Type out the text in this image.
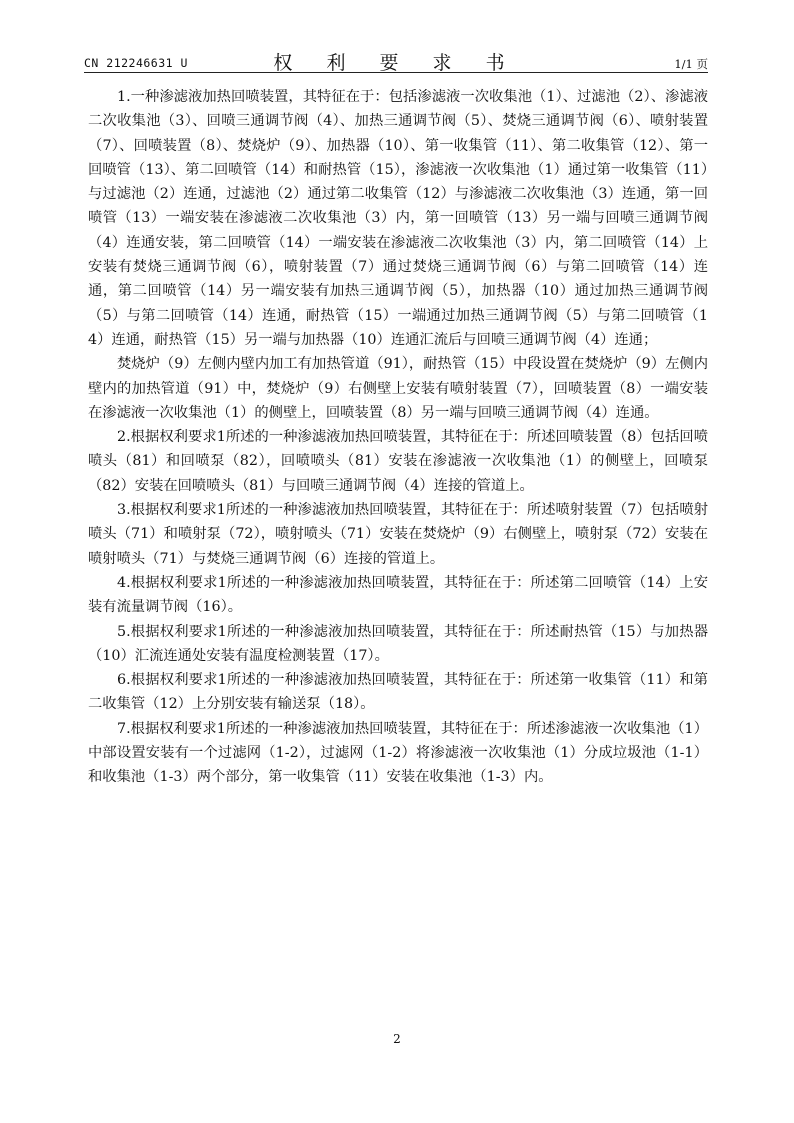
CN 212246631 U	权 利 要 求 书	1/1 页

1.一种渗滤液加热回喷装置，其特征在于：包括渗滤液一次收集池（1）、过滤池（2）、渗滤液二次收集池（3）、回喷三通调节阀（4）、加热三通调节阀（5）、焚烧三通调节阀（6）、喷射装置（7）、回喷装置（8）、焚烧炉（9）、加热器（10）、第一收集管（11）、第二收集管（12）、第一回喷管（13）、第二回喷管（14）和耐热管（15），渗滤液一次收集池（1）通过第一收集管（11）与过滤池（2）连通，过滤池（2）通过第二收集管（12）与渗滤液二次收集池（3）连通，第一回喷管（13）一端安装在渗滤液二次收集池（3）内，第一回喷管（13）另一端与回喷三通调节阀（4）连通安装，第二回喷管（14）一端安装在渗滤液二次收集池（3）内，第二回喷管（14）上安装有焚烧三通调节阀（6），喷射装置（7）通过焚烧三通调节阀（6）与第二回喷管（14）连通，第二回喷管（14）另一端安装有加热三通调节阀（5），加热器（10）通过加热三通调节阀（5）与第二回喷管（14）连通，耐热管（15）一端通过加热三通调节阀（5）与第二回喷管（14）连通，耐热管（15）另一端与加热器（10）连通汇流后与回喷三通调节阀（4）连通；

焚烧炉（9）左侧内壁内加工有加热管道（91），耐热管（15）中段设置在焚烧炉（9）左侧内壁内的加热管道（91）中，焚烧炉（9）右侧壁上安装有喷射装置（7），回喷装置（8）一端安装在渗滤液一次收集池（1）的侧壁上，回喷装置（8）另一端与回喷三通调节阀（4）连通。

2.根据权利要求1所述的一种渗滤液加热回喷装置，其特征在于：所述回喷装置（8）包括回喷喷头（81）和回喷泵（82），回喷喷头（81）安装在渗滤液一次收集池（1）的侧壁上，回喷泵（82）安装在回喷喷头（81）与回喷三通调节阀（4）连接的管道上。

3.根据权利要求1所述的一种渗滤液加热回喷装置，其特征在于：所述喷射装置（7）包括喷射喷头（71）和喷射泵（72），喷射喷头（71）安装在焚烧炉（9）右侧壁上，喷射泵（72）安装在喷射喷头（71）与焚烧三通调节阀（6）连接的管道上。

4.根据权利要求1所述的一种渗滤液加热回喷装置，其特征在于：所述第二回喷管（14）上安装有流量调节阀（16）。

5.根据权利要求1所述的一种渗滤液加热回喷装置，其特征在于：所述耐热管（15）与加热器（10）汇流连通处安装有温度检测装置（17）。

6.根据权利要求1所述的一种渗滤液加热回喷装置，其特征在于：所述第一收集管（11）和第二收集管（12）上分别安装有输送泵（18）。

7.根据权利要求1所述的一种渗滤液加热回喷装置，其特征在于：所述渗滤液一次收集池（1）中部设置安装有一个过滤网（1-2），过滤网（1-2）将渗滤液一次收集池（1）分成垃圾池（1-1）和收集池（1-3）两个部分，第一收集管（11）安装在收集池（1-3）内。

2
